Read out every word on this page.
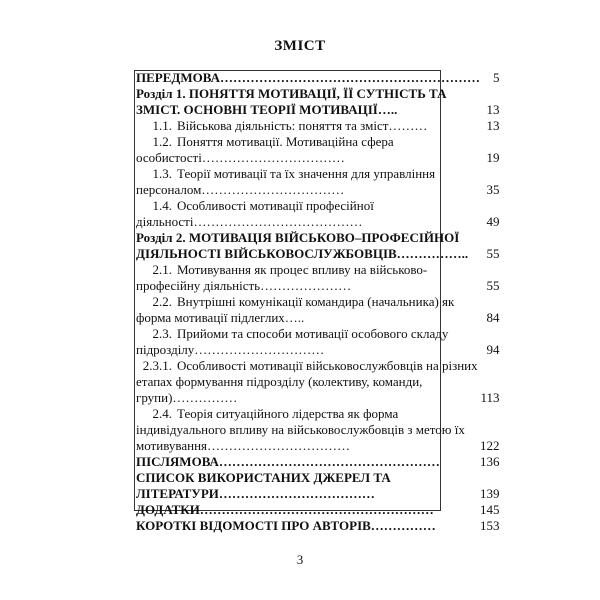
ЗМІСТ
ПЕРЕДМОВА……………………………………………………	5
Розділ 1. ПОНЯТТЯ МОТИВАЦІЇ, ЇЇ СУТНІСТЬ ТА ЗМІСТ. ОСНОВНІ ТЕОРІЇ МОТИВАЦІЇ…..	13
1.1. Військова діяльність: поняття та зміст………	13
1.2. Поняття мотивації. Мотиваційна сфера особистості……………………………	19
1.3. Теорії мотивації та їх значення для управління персоналом……………………………	35
1.4. Особливості мотивації професійної діяльності…………………………………	49
Розділ 2. МОТИВАЦІЯ ВІЙСЬКОВО–ПРОФЕСІЙНОЇ ДІЯЛЬНОСТІ ВІЙСЬКОВОСЛУЖБОВЦІВ……………..	55
2.1. Мотивування як процес впливу на військово-професійну діяльність…………………	55
2.2. Внутрішні комунікації командира (начальника) як форма мотивації підлеглих…..	84
2.3. Прийоми та способи мотивації особового складу підрозділу…………………………	94
2.3.1. Особливості мотивації військовослужбовців на різних етапах формування підрозділу (колективу, команди, групи)……………	113
2.4. Теорія ситуаційного лідерства як форма індивідуального впливу на військовослужбовців з метою їх мотивування……………………………	122
ПІСЛЯМОВА……………………………………………	136
СПИСОК ВИКОРИСТАНИХ ДЖЕРЕЛ ТА ЛІТЕРАТУРИ………………………………	139
ДОДАТКИ………………………………………………	145
КОРОТКІ ВІДОМОСТІ ПРО АВТОРІВ……………	153
3
